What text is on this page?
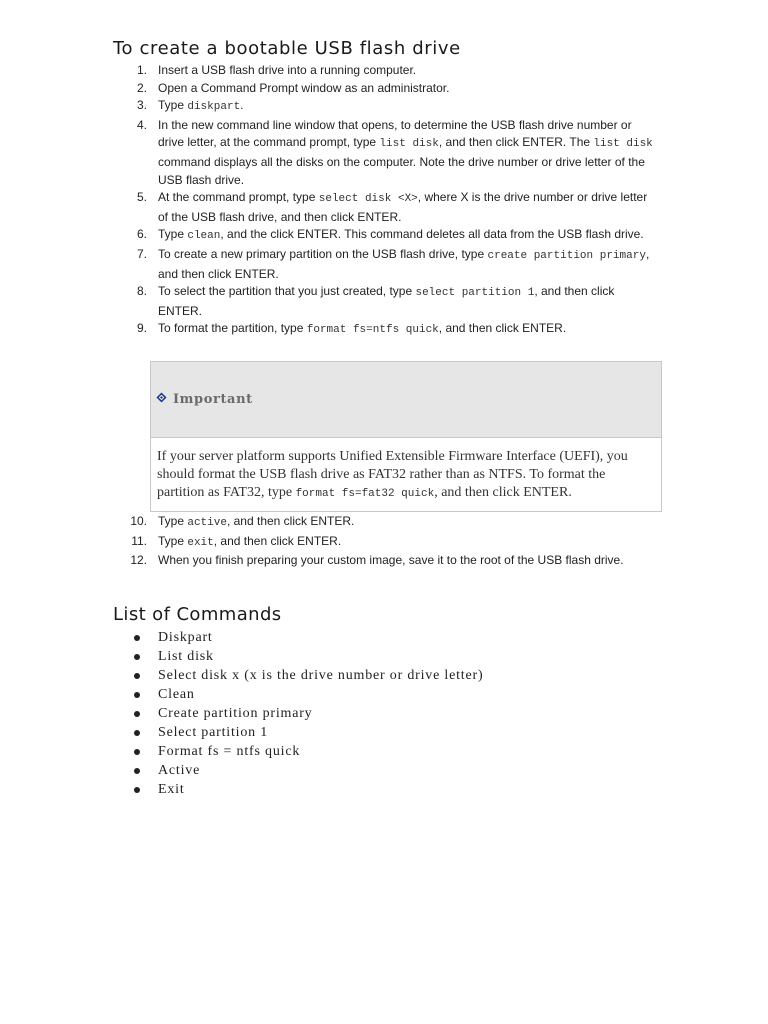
To create a bootable USB flash drive
1. Insert a USB flash drive into a running computer.
2. Open a Command Prompt window as an administrator.
3. Type diskpart.
4. In the new command line window that opens, to determine the USB flash drive number or drive letter, at the command prompt, type list disk, and then click ENTER. The list disk command displays all the disks on the computer. Note the drive number or drive letter of the USB flash drive.
5. At the command prompt, type select disk <X>, where X is the drive number or drive letter of the USB flash drive, and then click ENTER.
6. Type clean, and the click ENTER. This command deletes all data from the USB flash drive.
7. To create a new primary partition on the USB flash drive, type create partition primary, and then click ENTER.
8. To select the partition that you just created, type select partition 1, and then click ENTER.
9. To format the partition, type format fs=ntfs quick, and then click ENTER.
Important
If your server platform supports Unified Extensible Firmware Interface (UEFI), you should format the USB flash drive as FAT32 rather than as NTFS. To format the partition as FAT32, type format fs=fat32 quick, and then click ENTER.
10. Type active, and then click ENTER.
11. Type exit, and then click ENTER.
12. When you finish preparing your custom image, save it to the root of the USB flash drive.
List of Commands
Diskpart
List disk
Select disk x (x is the drive number or drive letter)
Clean
Create partition primary
Select partition 1
Format fs = ntfs quick
Active
Exit
